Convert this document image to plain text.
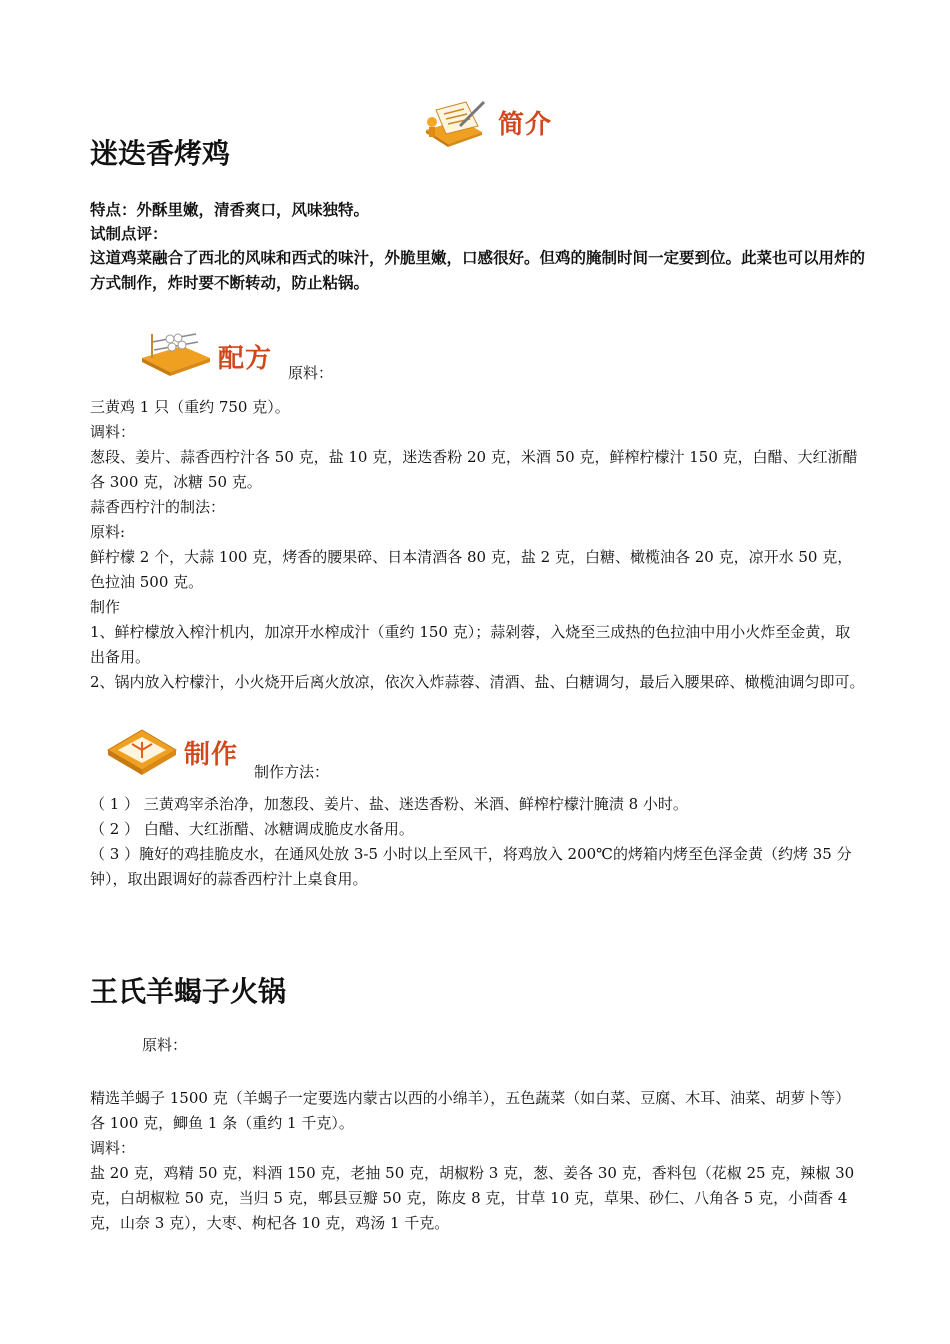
迷迭香烤鸡
简介
特点：外酥里嫩，清香爽口，风味独特。
试制点评：
这道鸡菜融合了西北的风味和西式的味汁，外脆里嫩，口感很好。但鸡的腌制时间一定要到位。此菜也可以用炸的方式制作，炸时要不断转动，防止粘锅。
配方 原料：
三黄鸡 1 只（重约 750 克）。
调料：
葱段、姜片、蒜香西柠汁各 50 克，盐 10 克，迷迭香粉 20 克，米酒 50 克，鲜榨柠檬汁 150 克，白醋、大红浙醋各 300 克，冰糖 50 克。
蒜香西柠汁的制法：
原料:
鲜柠檬 2 个，大蒜 100 克，烤香的腰果碎、日本清酒各 80 克，盐 2 克，白糖、橄榄油各 20 克，凉开水 50 克，色拉油 500 克。
制作
1、鲜柠檬放入榨汁机内，加凉开水榨成汁（重约 150 克）；蒜剁蓉，入烧至三成热的色拉油中用小火炸至金黄，取出备用。
2、锅内放入柠檬汁，小火烧开后离火放凉，依次入炸蒜蓉、清酒、盐、白糖调匀，最后入腰果碎、橄榄油调匀即可。
制作
制作方法：
（ 1 ） 三黄鸡宰杀治净，加葱段、姜片、盐、迷迭香粉、米酒、鲜榨柠檬汁腌渍 8 小时。
（ 2 ） 白醋、大红浙醋、冰糖调成脆皮水备用。
（ 3 ）腌好的鸡挂脆皮水，在通风处放 3-5 小时以上至风干，将鸡放入 200℃的烤箱内烤至色泽金黄（约烤 35 分钟），取出跟调好的蒜香西柠汁上桌食用。
王氏羊蝎子火锅
原料：
精选羊蝎子 1500 克（羊蝎子一定要选内蒙古以西的小绵羊），五色蔬菜（如白菜、豆腐、木耳、油菜、胡萝卜等）各 100 克，鲫鱼 1 条（重约 1 千克）。
调料：
盐 20 克，鸡精 50 克，料酒 150 克，老抽 50 克，胡椒粉 3 克，葱、姜各 30 克，香料包（花椒 25 克，辣椒 30 克，白胡椒粒 50 克，当归 5 克，郫县豆瓣 50 克，陈皮 8 克，甘草 10 克，草果、砂仁、八角各 5 克，小茴香 4 克，山奈 3 克），大枣、枸杞各 10 克，鸡汤 1 千克。
